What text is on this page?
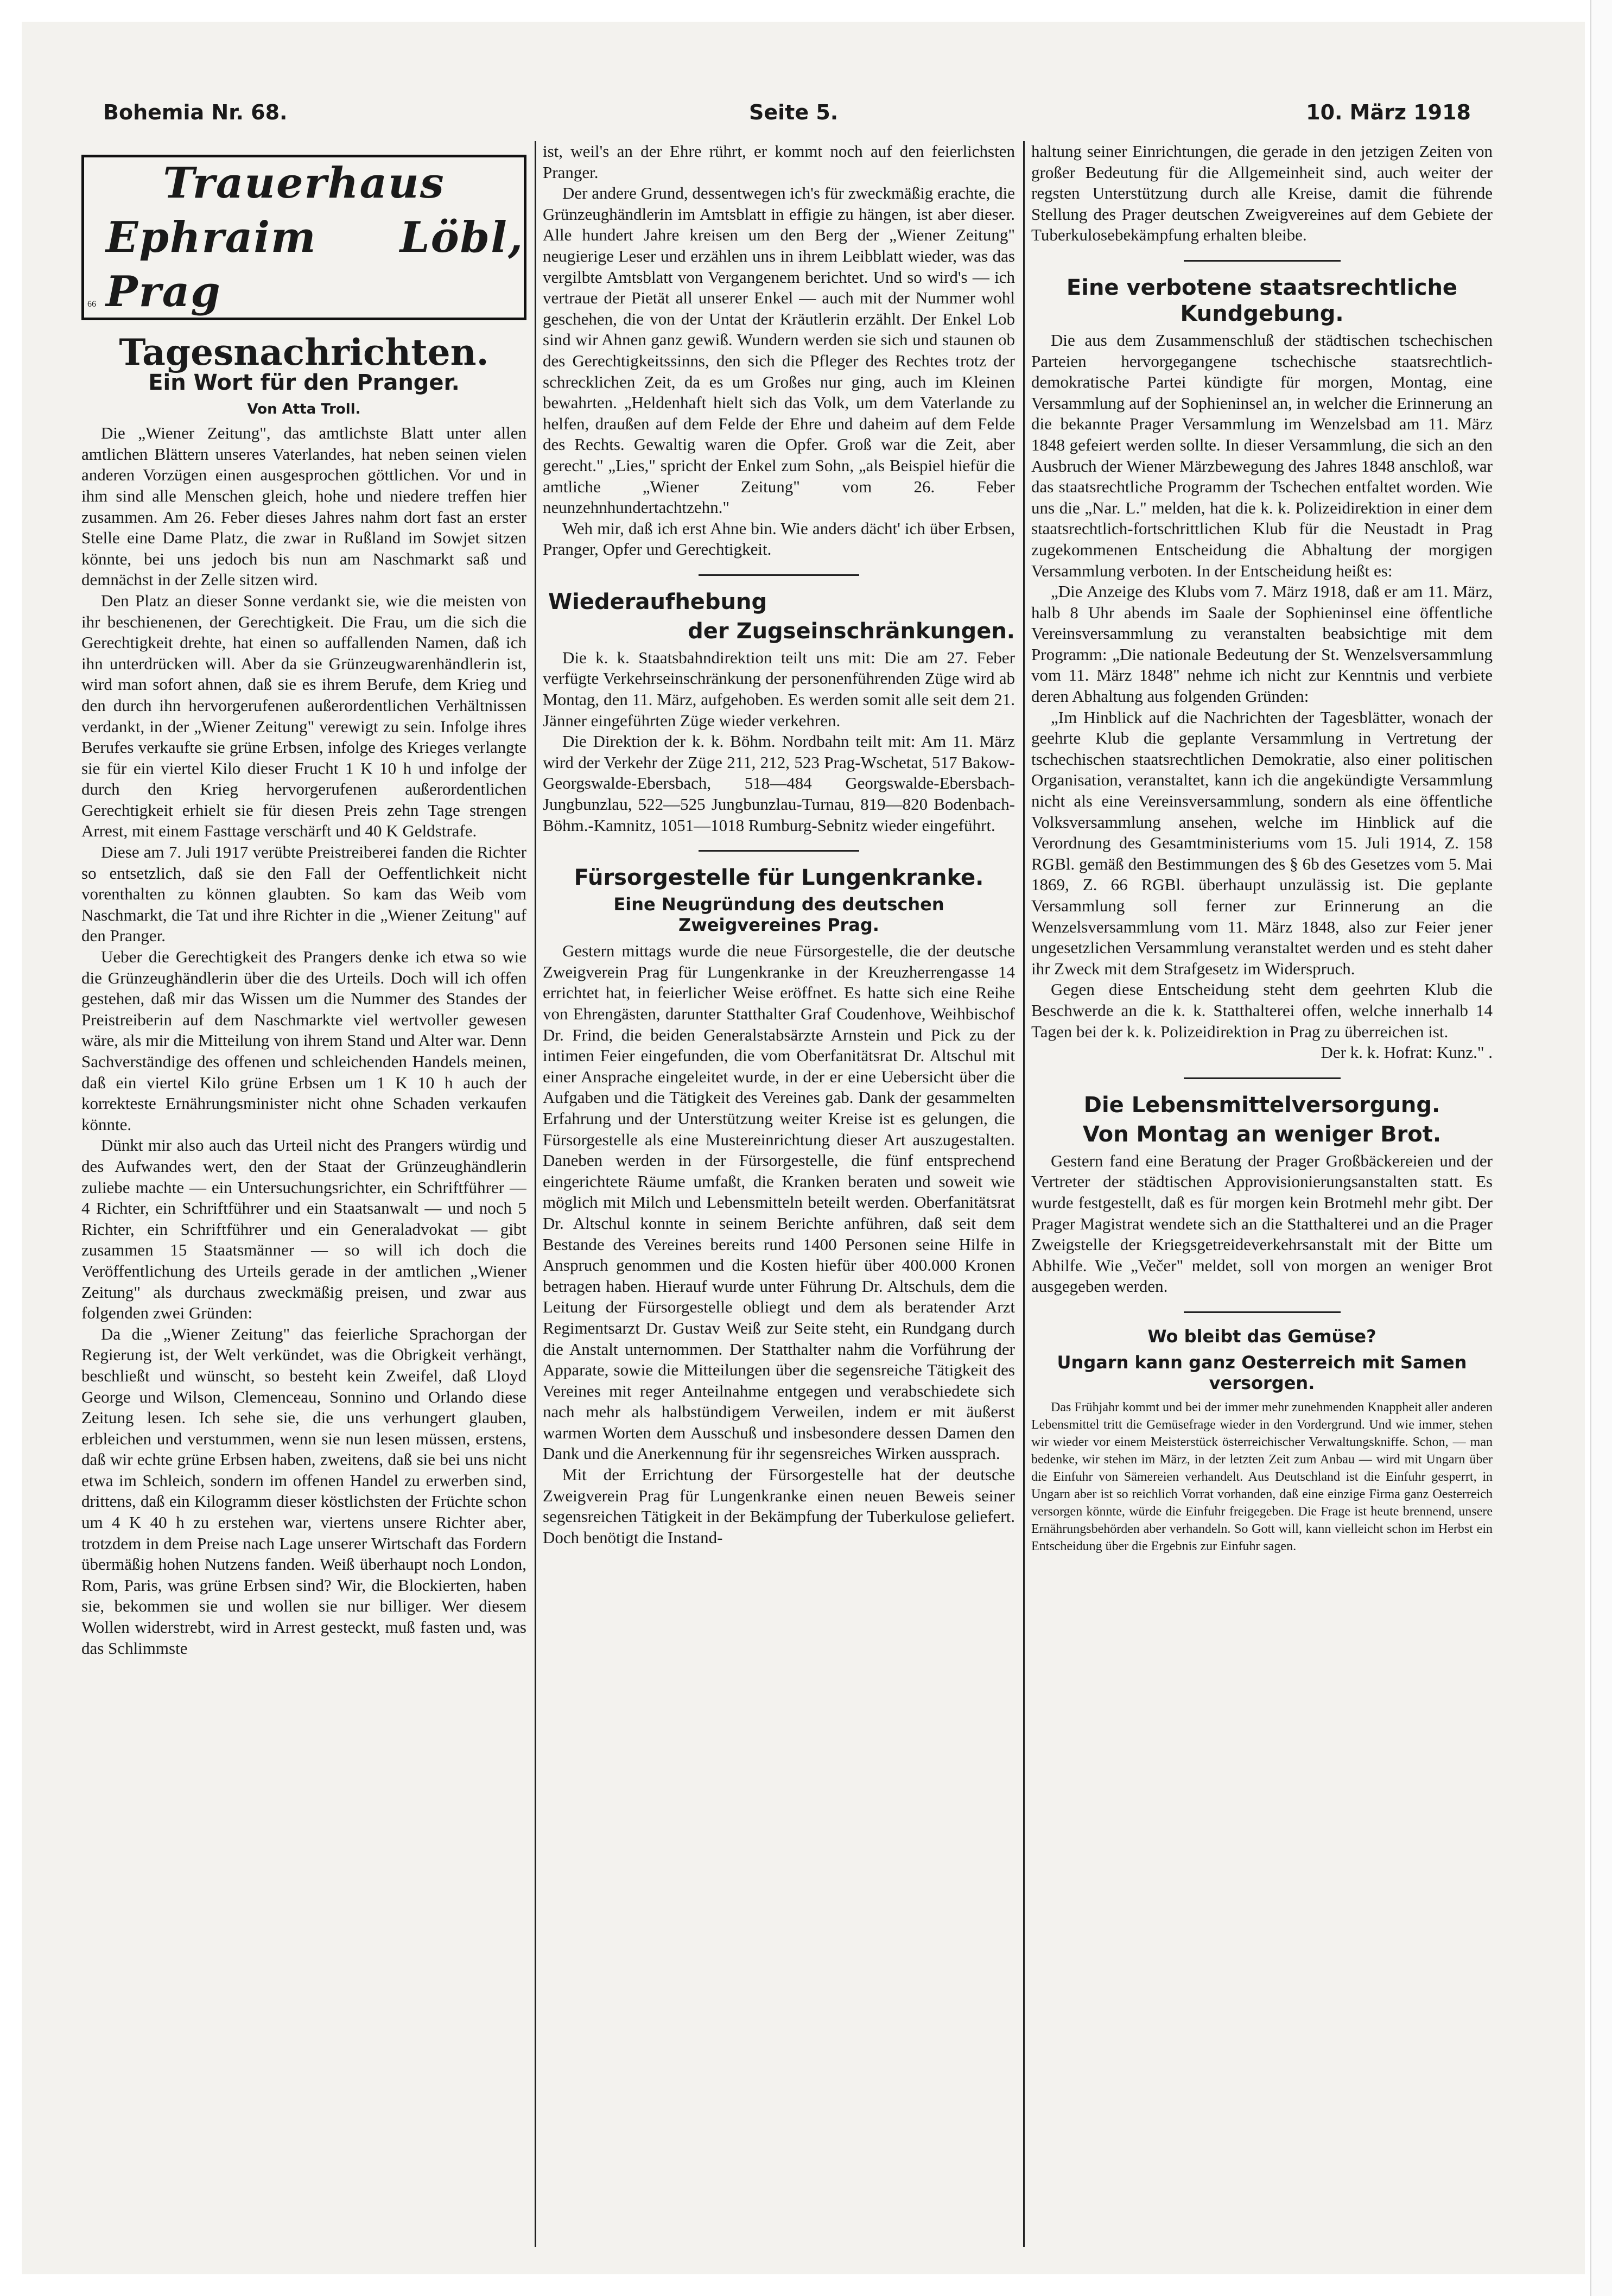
Bohemia Nr. 68.	Seite 5.	10. März 1918
Trauerhaus
Ephraim Löbl, Prag
66
Tagesnachrichten.
Ein Wort für den Pranger.
Von Atta Troll.

Die „Wiener Zeitung", das amtlichste Blatt unter allen amtlichen Blättern unseres Vaterlandes, hat neben seinen vielen anderen Vorzügen einen ausgesprochen göttlichen. Vor und in ihm sind alle Menschen gleich, hohe und niedere treffen hier zusammen. Am 26. Feber dieses Jahres nahm dort fast an erster Stelle eine Dame Platz, die zwar in Rußland im Sowjet sitzen könnte, bei uns jedoch bis nun am Naschmarkt saß und demnächst in der Zelle sitzen wird.

Den Platz an dieser Sonne verdankt sie, wie die meisten von ihr beschienenen, der Gerechtigkeit. Die Frau, um die sich die Gerechtigkeit drehte, hat einen so auffallenden Namen, daß ich ihn unterdrücken will. Aber da sie Grünzeugwarenhändlerin ist, wird man sofort ahnen, daß sie es ihrem Berufe, dem Krieg und den durch ihn hervorgerufenen außerordentlichen Verhältnissen verdankt, in der „Wiener Zeitung" verewigt zu sein. Infolge ihres Berufes verkaufte sie grüne Erbsen, infolge des Krieges verlangte sie für ein viertel Kilo dieser Frucht 1 K 10 h und infolge der durch den Krieg hervorgerufenen außerordentlichen Gerechtigkeit erhielt sie für diesen Preis zehn Tage strengen Arrest, mit einem Fasttage verschärft und 40 K Geldstrafe.

Diese am 7. Juli 1917 verübte Preistreiberei fanden die Richter so entsetzlich, daß sie den Fall der Oeffentlichkeit nicht vorenthalten zu können glaubten. So kam das Weib vom Naschmarkt, die Tat und ihre Richter in die „Wiener Zeitung" auf den Pranger.

Ueber die Gerechtigkeit des Prangers denke ich etwa so wie die Grünzeughändlerin über die des Urteils. Doch will ich offen gestehen, daß mir das Wissen um die Nummer des Standes der Preistreiberin auf dem Naschmarkte viel wertvoller gewesen wäre, als mir die Mitteilung von ihrem Stand und Alter war. Denn Sachverständige des offenen und schleichenden Handels meinen, daß ein viertel Kilo grüne Erbsen um 1 K 10 h auch der korrekteste Ernährungsminister nicht ohne Schaden verkaufen könnte.

Dünkt mir also auch das Urteil nicht des Prangers würdig und des Aufwandes wert, den der Staat der Grünzeughändlerin zuliebe machte — ein Untersuchungsrichter, ein Schriftführer — 4 Richter, ein Schriftführer und ein Staatsanwalt — und noch 5 Richter, ein Schriftführer und ein Generaladvokat — gibt zusammen 15 Staatsmänner — so will ich doch die Veröffentlichung des Urteils gerade in der amtlichen „Wiener Zeitung" als durchaus zweckmäßig preisen, und zwar aus folgenden zwei Gründen:

Da die „Wiener Zeitung" das feierliche Sprachorgan der Regierung ist, der Welt verkündet, was die Obrigkeit verhängt, beschließt und wünscht, so besteht kein Zweifel, daß Lloyd George und Wilson, Clemenceau, Sonnino und Orlando diese Zeitung lesen. Ich sehe sie, die uns verhungert glauben, erbleichen und verstummen, wenn sie nun lesen müssen, erstens, daß wir echte grüne Erbsen haben, zweitens, daß sie bei uns nicht etwa im Schleich, sondern im offenen Handel zu erwerben sind, drittens, daß ein Kilogramm dieser köstlichsten der Früchte schon um 4 K 40 h zu erstehen war, viertens unsere Richter aber, trotzdem in dem Preise nach Lage unserer Wirtschaft das Fordern übermäßig hohen Nutzens fanden. Weiß überhaupt noch London, Rom, Paris, was grüne Erbsen sind? Wir, die Blockierten, haben sie, bekommen sie und wollen sie nur billiger. Wer diesem Wollen widerstrebt, wird in Arrest gesteckt, muß fasten und, was das Schlimmste

ist, weil's an der Ehre rührt, er kommt noch auf den feierlichsten Pranger.

Der andere Grund, dessentwegen ich's für zweckmäßig erachte, die Grünzeughändlerin im Amtsblatt in effigie zu hängen, ist aber dieser. Alle hundert Jahre kreisen um den Berg der „Wiener Zeitung" neugierige Leser und erzählen uns in ihrem Leibblatt wieder, was das vergilbte Amtsblatt von Vergangenem berichtet. Und so wird's — ich vertraue der Pietät all unserer Enkel — auch mit der Nummer wohl geschehen, die von der Untat der Kräutlerin erzählt. Der Enkel Lob sind wir Ahnen ganz gewiß. Wundern werden sie sich und staunen ob des Gerechtigkeitssinns, den sich die Pfleger des Rechtes trotz der schrecklichen Zeit, da es um Großes nur ging, auch im Kleinen bewahrten. „Heldenhaft hielt sich das Volk, um dem Vaterlande zu helfen, draußen auf dem Felde der Ehre und daheim auf dem Felde des Rechts. Gewaltig waren die Opfer. Groß war die Zeit, aber gerecht." „Lies," spricht der Enkel zum Sohn, „als Beispiel hiefür die amtliche „Wiener Zeitung" vom 26. Feber neunzehnhundertachtzehn."

Weh mir, daß ich erst Ahne bin. Wie anders dächt' ich über Erbsen, Pranger, Opfer und Gerechtigkeit.

Wiederaufhebung
der Zugseinschränkungen.

Die k. k. Staatsbahndirektion teilt uns mit: Die am 27. Feber verfügte Verkehrseinschränkung der personenführenden Züge wird ab Montag, den 11. März, aufgehoben. Es werden somit alle seit dem 21. Jänner eingeführten Züge wieder verkehren.

Die Direktion der k. k. Böhm. Nordbahn teilt mit: Am 11. März wird der Verkehr der Züge 211, 212, 523 Prag-Wschetat, 517 Bakow-Georgswalde-Ebersbach, 518—484 Georgswalde-Ebersbach-Jungbunzlau, 522—525 Jungbunzlau-Turnau, 819—820 Bodenbach-Böhm.-Kamnitz, 1051—1018 Rumburg-Sebnitz wieder eingeführt.

Fürsorgestelle für Lungenkranke.
Eine Neugründung des deutschen Zweigvereines Prag.

Gestern mittags wurde die neue Fürsorgestelle, die der deutsche Zweigverein Prag für Lungenkranke in der Kreuzherrengasse 14 errichtet hat, in feierlicher Weise eröffnet. Es hatte sich eine Reihe von Ehrengästen, darunter Statthalter Graf Coudenhove, Weihbischof Dr. Frind, die beiden Generalstabsärzte Arnstein und Pick zu der intimen Feier eingefunden, die vom Oberfanitätsrat Dr. Altschul mit einer Ansprache eingeleitet wurde, in der er eine Uebersicht über die Aufgaben und die Tätigkeit des Vereines gab. Dank der gesammelten Erfahrung und der Unterstützung weiter Kreise ist es gelungen, die Fürsorgestelle als eine Mustereinrichtung dieser Art auszugestalten. Daneben werden in der Fürsorgestelle, die fünf entsprechend eingerichtete Räume umfaßt, die Kranken beraten und soweit wie möglich mit Milch und Lebensmitteln beteilt werden. Oberfanitätsrat Dr. Altschul konnte in seinem Berichte anführen, daß seit dem Bestande des Vereines bereits rund 1400 Personen seine Hilfe in Anspruch genommen und die Kosten hiefür über 400.000 Kronen betragen haben. Hierauf wurde unter Führung Dr. Altschuls, dem die Leitung der Fürsorgestelle obliegt und dem als beratender Arzt Regimentsarzt Dr. Gustav Weiß zur Seite steht, ein Rundgang durch die Anstalt unternommen. Der Statthalter nahm die Vorführung der Apparate, sowie die Mitteilungen über die segensreiche Tätigkeit des Vereines mit reger Anteilnahme entgegen und verabschiedete sich nach mehr als halbstündigem Verweilen, indem er mit äußerst warmen Worten dem Ausschuß und insbesondere dessen Damen den Dank und die Anerkennung für ihr segensreiches Wirken aussprach.

Mit der Errichtung der Fürsorgestelle hat der deutsche Zweigverein Prag für Lungenkranke einen neuen Beweis seiner segensreichen Tätigkeit in der Bekämpfung der Tuberkulose geliefert. Doch benötigt die Instand-

haltung seiner Einrichtungen, die gerade in den jetzigen Zeiten von großer Bedeutung für die Allgemeinheit sind, auch weiter der regsten Unterstützung durch alle Kreise, damit die führende Stellung des Prager deutschen Zweigvereines auf dem Gebiete der Tuberkulosebekämpfung erhalten bleibe.

Eine verbotene staatsrechtliche Kundgebung.

Die aus dem Zusammenschluß der städtischen tschechischen Parteien hervorgegangene tschechische staatsrechtlich-demokratische Partei kündigte für morgen, Montag, eine Versammlung auf der Sophieninsel an, in welcher die Erinnerung an die bekannte Prager Versammlung im Wenzelsbad am 11. März 1848 gefeiert werden sollte. In dieser Versammlung, die sich an den Ausbruch der Wiener Märzbewegung des Jahres 1848 anschloß, war das staatsrechtliche Programm der Tschechen entfaltet worden. Wie uns die „Nar. L." melden, hat die k. k. Polizeidirektion in einer dem staatsrechtlich-fortschrittlichen Klub für die Neustadt in Prag zugekommenen Entscheidung die Abhaltung der morgigen Versammlung verboten. In der Entscheidung heißt es:

„Die Anzeige des Klubs vom 7. März 1918, daß er am 11. März, halb 8 Uhr abends im Saale der Sophieninsel eine öffentliche Vereinsversammlung zu veranstalten beabsichtige mit dem Programm: „Die nationale Bedeutung der St. Wenzelsversammlung vom 11. März 1848" nehme ich nicht zur Kenntnis und verbiete deren Abhaltung aus folgenden Gründen:

„Im Hinblick auf die Nachrichten der Tagesblätter, wonach der geehrte Klub die geplante Versammlung in Vertretung der tschechischen staatsrechtlichen Demokratie, also einer politischen Organisation, veranstaltet, kann ich die angekündigte Versammlung nicht als eine Vereinsversammlung, sondern als eine öffentliche Volksversammlung ansehen, welche im Hinblick auf die Verordnung des Gesamtministeriums vom 15. Juli 1914, Z. 158 RGBl. gemäß den Bestimmungen des § 6b des Gesetzes vom 5. Mai 1869, Z. 66 RGBl. überhaupt unzulässig ist. Die geplante Versammlung soll ferner zur Erinnerung an die Wenzelsversammlung vom 11. März 1848, also zur Feier jener ungesetzlichen Versammlung veranstaltet werden und es steht daher ihr Zweck mit dem Strafgesetz im Widerspruch.

Gegen diese Entscheidung steht dem geehrten Klub die Beschwerde an die k. k. Statthalterei offen, welche innerhalb 14 Tagen bei der k. k. Polizeidirektion in Prag zu überreichen ist.

Der k. k. Hofrat: Kunz." .

Die Lebensmittelversorgung.
Von Montag an weniger Brot.

Gestern fand eine Beratung der Prager Großbäckereien und der Vertreter der städtischen Approvisionierungsanstalten statt. Es wurde festgestellt, daß es für morgen kein Brotmehl mehr gibt. Der Prager Magistrat wendete sich an die Statthalterei und an die Prager Zweigstelle der Kriegsgetreideverkehrsanstalt mit der Bitte um Abhilfe. Wie „Večer" meldet, soll von morgen an weniger Brot ausgegeben werden.

Wo bleibt das Gemüse?
Ungarn kann ganz Oesterreich mit Samen versorgen.

Das Frühjahr kommt und bei der immer mehr zunehmenden Knappheit aller anderen Lebensmittel tritt die Gemüsefrage wieder in den Vordergrund. Und wie immer, stehen wir wieder vor einem Meisterstück österreichischer Verwaltungskniffe. Schon, — man bedenke, wir stehen im März, in der letzten Zeit zum Anbau — wird mit Ungarn über die Einfuhr von Sämereien verhandelt. Aus Deutschland ist die Einfuhr gesperrt, in Ungarn aber ist so reichlich Vorrat vorhanden, daß eine einzige Firma ganz Oesterreich versorgen könnte, würde die Einfuhr freigegeben. Die Frage ist heute brennend, unsere Ernährungsbehörden aber verhandeln. So Gott will, kann vielleicht schon im Herbst ein Entscheidung über die Ergebnis zur Einfuhr sagen.
